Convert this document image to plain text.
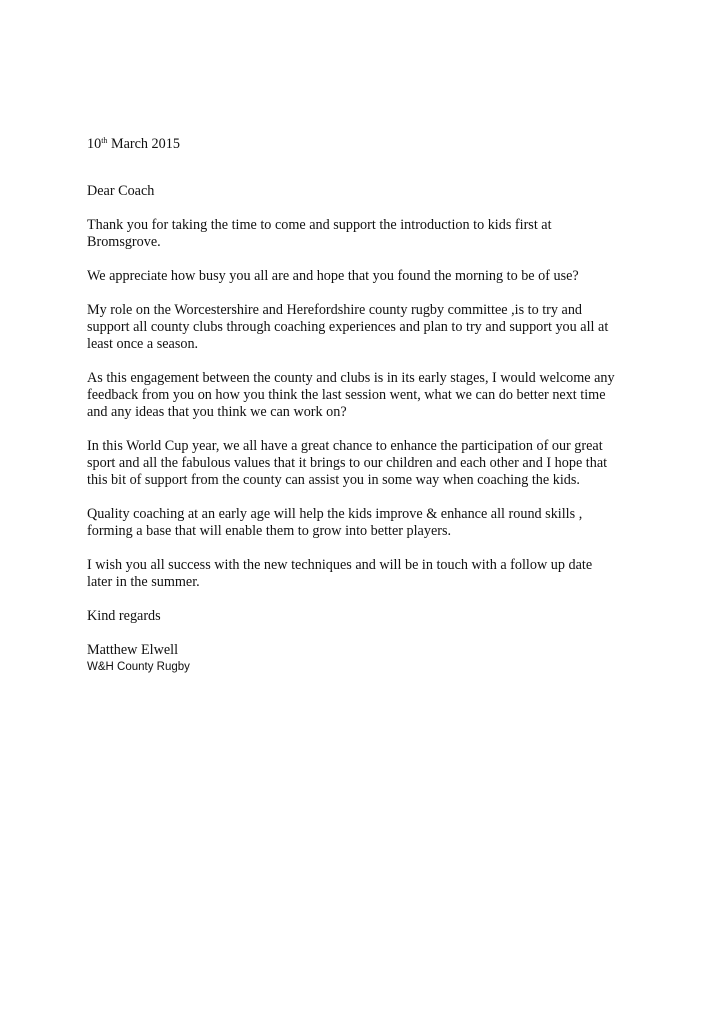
10th March 2015

Dear Coach

Thank you for taking the time to come and support the introduction to kids first at
Bromsgrove.

We appreciate how busy you all are and hope that you found the morning to be of use?

My role on the Worcestershire and Herefordshire county rugby committee ,is to try and
support all county clubs through coaching experiences and plan to try and support you all at
least once a season.

As this engagement between the county and clubs is in its early stages, I would welcome any
feedback from you on how you think the last session went, what we can do better next time
and any ideas that you think we can work on?

In this World Cup year, we all have a great chance to enhance the participation of our great
sport and all the fabulous values that it brings to our children and each other and I hope that
this bit of support from the county can assist you in some way when coaching the kids.

Quality coaching at an early age will help the kids improve & enhance all round skills ,
forming a base that will enable them to grow into better players.

I wish you all success with the new techniques and will be in touch with a follow up date
later in the summer.

Kind regards

Matthew Elwell

W&H County Rugby
